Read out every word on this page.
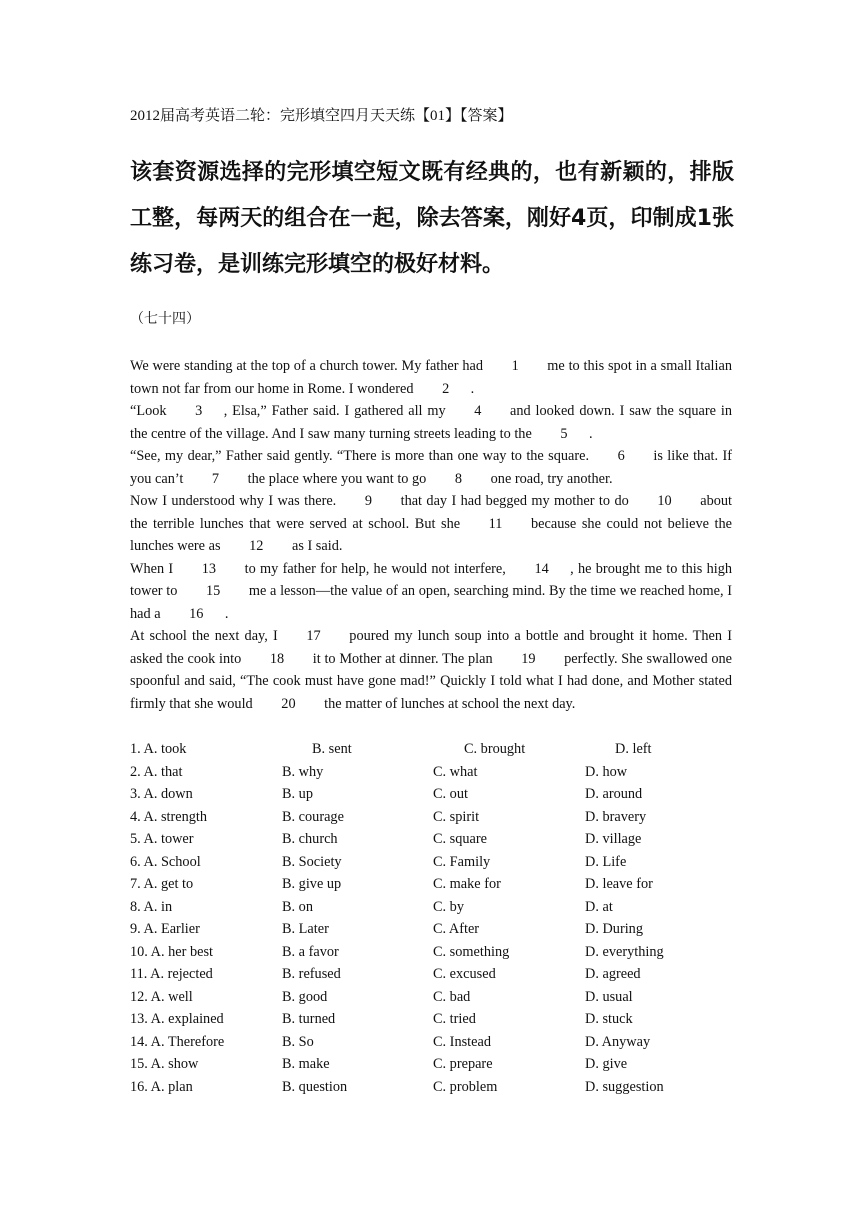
2012届高考英语二轮：完形填空四月天天练【01】【答案】
该套资源选择的完形填空短文既有经典的，也有新颖的，排版工整，每两天的组合在一起，除去答案，刚好4页，印制成1张练习卷，是训练完形填空的极好材料。
（七十四）

We were standing at the top of a church tower. My father had  1  me to this spot in a small Italian town not far from our home in Rome. I wondered  2  .

“Look  3  , Elsa,” Father said. I gathered all my  4  and looked down. I saw the square in the centre of the village. And I saw many turning streets leading to the  5  .

“See, my dear,” Father said gently. “There is more than one way to the square.  6  is like that. If you can’t  7  the place where you want to go  8  one road, try another.

Now I understood why I was there.  9  that day I had begged my mother to do  10  about the terrible lunches that were served at school. But she  11  because she could not believe the lunches were as  12  as I said.

When I  13  to my father for help, he would not interfere,  14  , he brought me to this high tower to  15  me a lesson—the value of an open, searching mind. By the time we reached home, I had a  16  .

At school the next day, I  17  poured my lunch soup into a bottle and brought it home. Then I asked the cook into  18  it to Mother at dinner. The plan  19  perfectly. She swallowed one spoonful and said, “The cook must have gone mad!” Quickly I told what I had done, and Mother stated firmly that she would  20  the matter of lunches at school the next day.

1. A. took	B. sent	C. brought	D. left
2. A. that	B. why	C. what	D. how
3. A. down	B. up	C. out	D. around
4. A. strength	B. courage	C. spirit	D. bravery
5. A. tower	B. church	C. square	D. village
6. A. School	B. Society	C. Family	D. Life
7. A. get to	B. give up	C. make for	D. leave for
8. A. in	B. on	C. by	D. at
9. A. Earlier	B. Later	C. After	D. During
10. A. her best	B. a favor	C. something	D. everything
11. A. rejected	B. refused	C. excused	D. agreed
12. A. well	B. good	C. bad	D. usual
13. A. explained	B. turned	C. tried	D. stuck
14. A. Therefore	B. So	C. Instead	D. Anyway
15. A. show	B. make	C. prepare	D. give
16. A. plan	B. question	C. problem	D. suggestion
